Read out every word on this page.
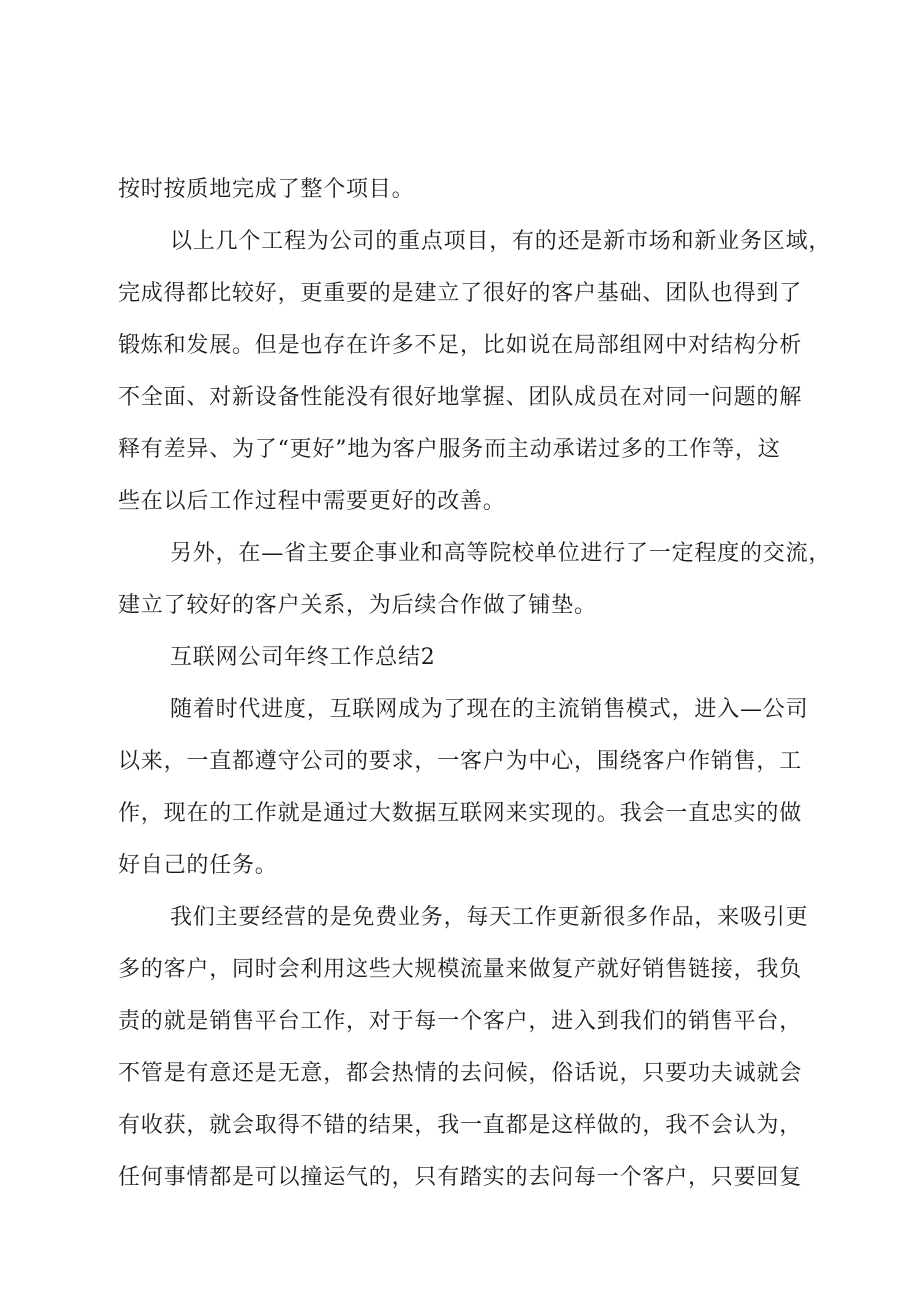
按时按质地完成了整个项目。
以上几个工程为公司的重点项目，有的还是新市场和新业务区域，
完成得都比较好，更重要的是建立了很好的客户基础、团队也得到了
锻炼和发展。但是也存在许多不足，比如说在局部组网中对结构分析
不全面、对新设备性能没有很好地掌握、团队成员在对同一问题的解
释有差异、为了“更好”地为客户服务而主动承诺过多的工作等，这
些在以后工作过程中需要更好的改善。
另外，在—省主要企事业和高等院校单位进行了一定程度的交流，
建立了较好的客户关系，为后续合作做了铺垫。
互联网公司年终工作总结2
随着时代进度，互联网成为了现在的主流销售模式，进入—公司
以来，一直都遵守公司的要求，一客户为中心，围绕客户作销售，工
作，现在的工作就是通过大数据互联网来实现的。我会一直忠实的做
好自己的任务。
我们主要经营的是免费业务，每天工作更新很多作品，来吸引更
多的客户，同时会利用这些大规模流量来做复产就好销售链接，我负
责的就是销售平台工作，对于每一个客户，进入到我们的销售平台，
不管是有意还是无意，都会热情的去问候，俗话说，只要功夫诚就会
有收获，就会取得不错的结果，我一直都是这样做的，我不会认为，
任何事情都是可以撞运气的，只有踏实的去问每一个客户，只要回复
